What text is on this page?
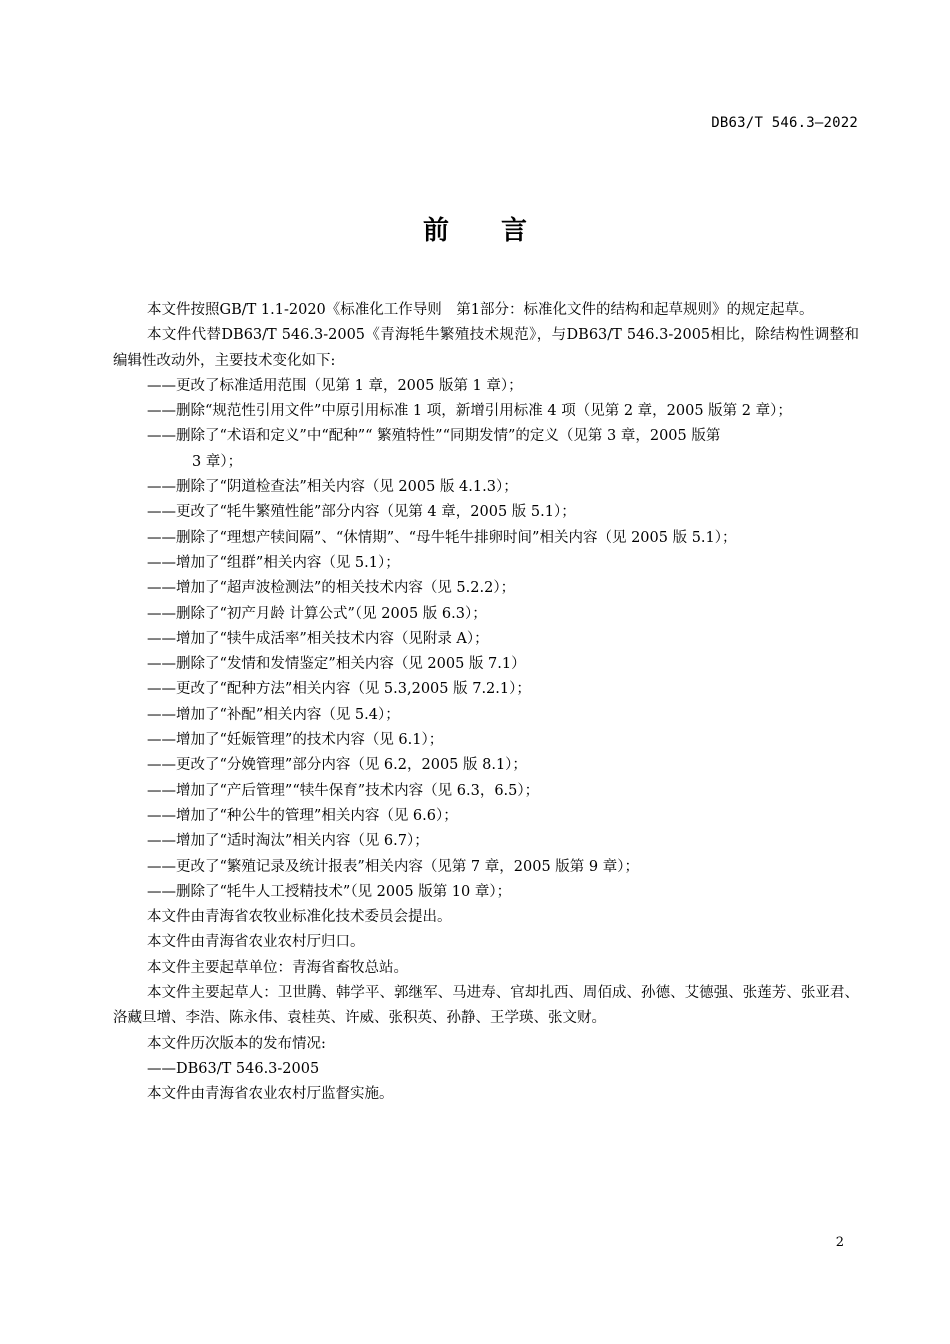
DB63/T 546.3—2022
前 言

本文件按照GB/T 1.1-2020《标准化工作导则　第1部分：标准化文件的结构和起草规则》的规定起草。

本文件代替DB63/T 546.3-2005《青海牦牛繁殖技术规范》，与DB63/T 546.3-2005相比，除结构性调整和编辑性改动外，主要技术变化如下:

——更改了标准适用范围（见第 1 章，2005 版第 1 章）；

——删除“规范性引用文件”中原引用标准 1 项，新增引用标准 4 项（见第 2 章，2005 版第 2 章）；

——删除了“术语和定义”中“配种”“ 繁殖特性”“同期发情”的定义（见第 3 章，2005 版第
3 章）；

——删除了“阴道检查法”相关内容（见 2005 版 4.1.3）；

——更改了“牦牛繁殖性能”部分内容（见第 4 章，2005 版 5.1）；

——删除了“理想产犊间隔”、“休情期”、“母牛牦牛排卵时间”相关内容（见 2005 版 5.1）；

——增加了“组群”相关内容（见 5.1）；

——增加了“超声波检测法”的相关技术内容（见 5.2.2）；

——删除了“初产月龄 计算公式”（见 2005 版 6.3）；

——增加了“犊牛成活率”相关技术内容（见附录 A）；

——删除了“发情和发情鉴定”相关内容（见 2005 版 7.1）

——更改了“配种方法”相关内容（见 5.3,2005 版 7.2.1）；

——增加了“补配”相关内容（见 5.4）；

——增加了“妊娠管理”的技术内容（见 6.1）；

——更改了“分娩管理”部分内容（见 6.2，2005 版 8.1）；

——增加了“产后管理”“犊牛保育”技术内容（见 6.3，6.5）；

——增加了“种公牛的管理”相关内容（见 6.6）；

——增加了“适时淘汰”相关内容（见 6.7）；

——更改了“繁殖记录及统计报表”相关内容（见第 7 章，2005 版第 9 章）；

——删除了“牦牛人工授精技术”（见 2005 版第 10 章）；

本文件由青海省农牧业标准化技术委员会提出。

本文件由青海省农业农村厅归口。

本文件主要起草单位：青海省畜牧总站。

本文件主要起草人：卫世腾、韩学平、郭继军、马进寿、官却扎西、周佰成、孙德、艾德强、张莲芳、张亚君、洛藏旦增、李浩、陈永伟、袁桂英、许威、张积英、孙静、王学瑛、张文财。

本文件历次版本的发布情况:

——DB63/T 546.3-2005

本文件由青海省农业农村厅监督实施。

2
